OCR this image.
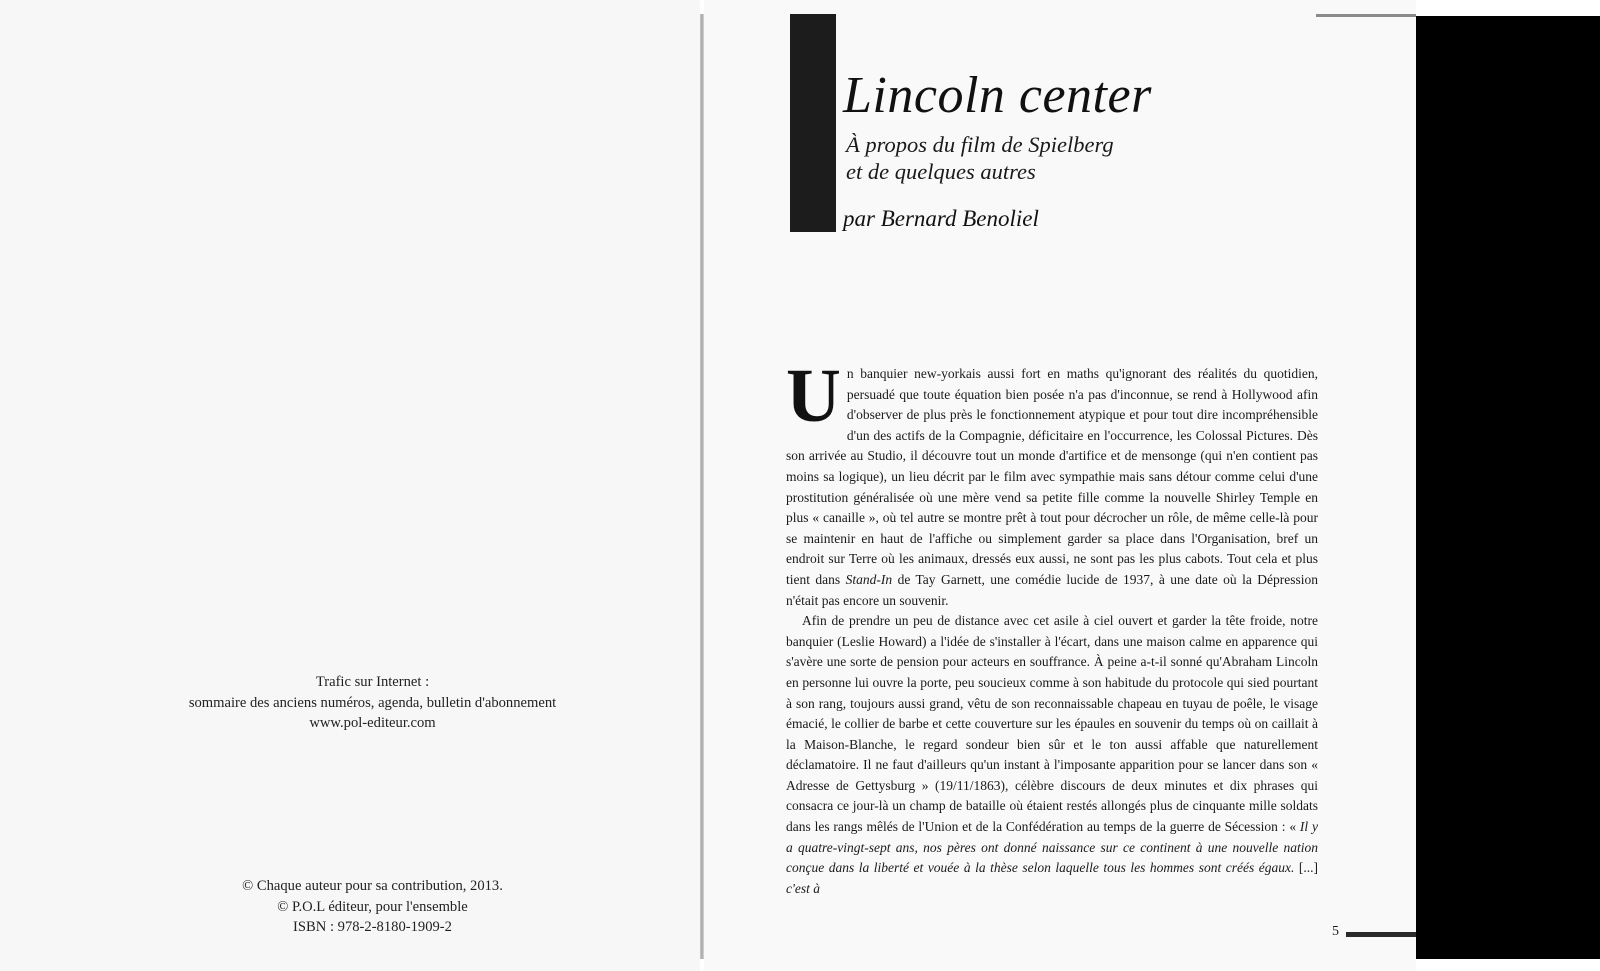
Trafic sur Internet :
sommaire des anciens numéros, agenda, bulletin d'abonnement
www.pol-editeur.com
© Chaque auteur pour sa contribution, 2013.
© P.O.L éditeur, pour l'ensemble
ISBN : 978-2-8180-1909-2
Lincoln center
À propos du film de Spielberg
et de quelques autres
par Bernard Benoliel

Un banquier new-yorkais aussi fort en maths qu'ignorant des réalités du quotidien, persuadé que toute équation bien posée n'a pas d'inconnue, se rend à Hollywood afin d'observer de plus près le fonctionnement atypique et pour tout dire incompréhensible d'un des actifs de la Compagnie, déficitaire en l'occurrence, les Colossal Pictures. Dès son arrivée au Studio, il découvre tout un monde d'artifice et de mensonge (qui n'en contient pas moins sa logique), un lieu décrit par le film avec sympathie mais sans détour comme celui d'une prostitution généralisée où une mère vend sa petite fille comme la nouvelle Shirley Temple en plus « canaille », où tel autre se montre prêt à tout pour décrocher un rôle, de même celle-là pour se maintenir en haut de l'affiche ou simplement garder sa place dans l'Organisation, bref un endroit sur Terre où les animaux, dressés eux aussi, ne sont pas les plus cabots. Tout cela et plus tient dans Stand-In de Tay Garnett, une comédie lucide de 1937, à une date où la Dépression n'était pas encore un souvenir.

Afin de prendre un peu de distance avec cet asile à ciel ouvert et garder la tête froide, notre banquier (Leslie Howard) a l'idée de s'installer à l'écart, dans une maison calme en apparence qui s'avère une sorte de pension pour acteurs en souffrance. À peine a-t-il sonné qu'Abraham Lincoln en personne lui ouvre la porte, peu soucieux comme à son habitude du protocole qui sied pourtant à son rang, toujours aussi grand, vêtu de son reconnaissable chapeau en tuyau de poêle, le visage émacié, le collier de barbe et cette couverture sur les épaules en souvenir du temps où on caillait à la Maison-Blanche, le regard sondeur bien sûr et le ton aussi affable que naturellement déclamatoire. Il ne faut d'ailleurs qu'un instant à l'imposante apparition pour se lancer dans son « Adresse de Gettysburg » (19/11/1863), célèbre discours de deux minutes et dix phrases qui consacra ce jour-là un champ de bataille où étaient restés allongés plus de cinquante mille soldats dans les rangs mêlés de l'Union et de la Confédération au temps de la guerre de Sécession : « Il y a quatre-vingt-sept ans, nos pères ont donné naissance sur ce continent à une nouvelle nation conçue dans la liberté et vouée à la thèse selon laquelle tous les hommes sont créés égaux. [...] c'est à

5
